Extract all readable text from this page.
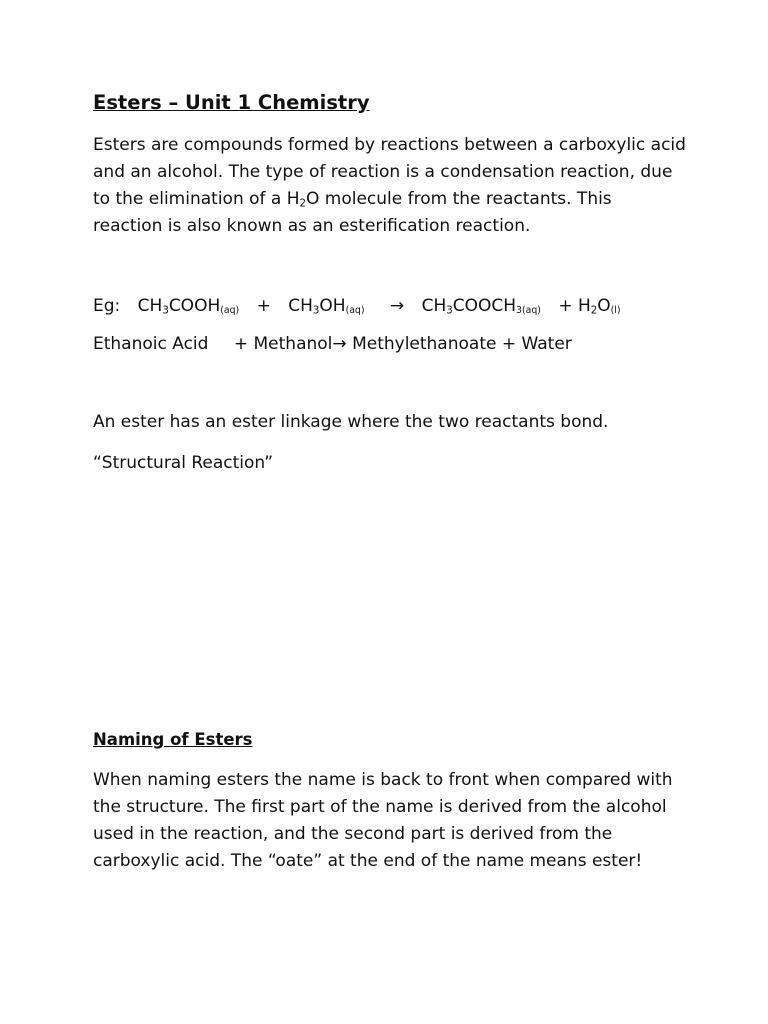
Esters – Unit 1 Chemistry
Esters are compounds formed by reactions between a carboxylic acid
and an alcohol. The type of reaction is a condensation reaction, due
to the elimination of a $H_2O$ molecule from the reactants. This
reaction is also known as an esterification reaction.
Eg: $CH_3COOH(aq) + CH_3OH(aq)$ → $CH_3COOCH3(aq) + H_2O(l)$
Ethanoic Acid + Methanol→ Methylethanoate + Water
An ester has an ester linkage where the two reactants bond.
“Structural Reaction”
Naming of Esters
When naming esters the name is back to front when compared with
the structure. The first part of the name is derived from the alcohol
used in the reaction, and the second part is derived from the
carboxylic acid. The “oate” at the end of the name means ester!
